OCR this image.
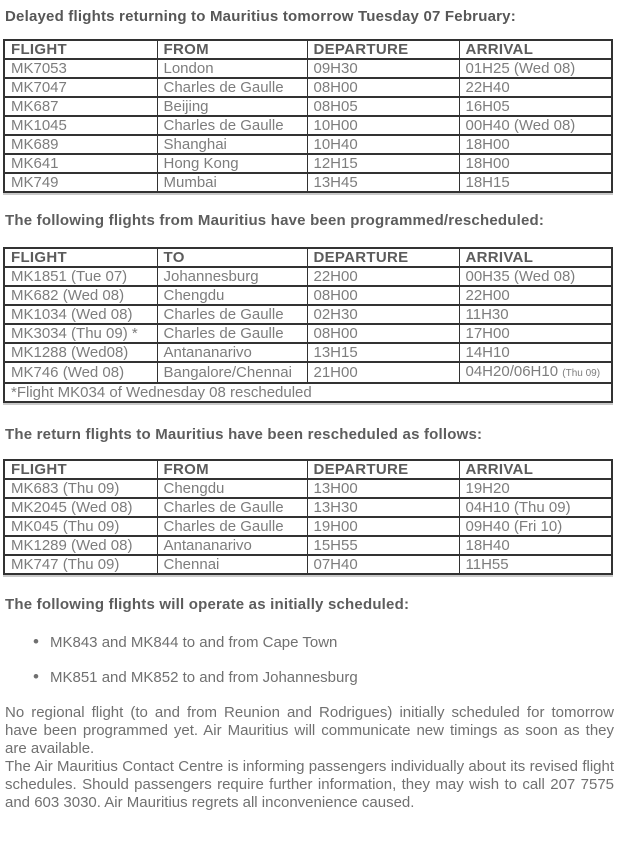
Delayed flights returning to Mauritius tomorrow Tuesday 07 February:
FLIGHT	FROM	DEPARTURE	ARRIVAL
MK7053	London	09H30	01H25 (Wed 08)
MK7047	Charles de Gaulle	08H00	22H40
MK687	Beijing	08H05	16H05
MK1045	Charles de Gaulle	10H00	00H40 (Wed 08)
MK689	Shanghai	10H40	18H00
MK641	Hong Kong	12H15	18H00
MK749	Mumbai	13H45	18H15
The following flights from Mauritius have been programmed/rescheduled:
FLIGHT	TO	DEPARTURE	ARRIVAL
MK1851 (Tue 07)	Johannesburg	22H00	00H35 (Wed 08)
MK682 (Wed 08)	Chengdu	08H00	22H00
MK1034 (Wed 08)	Charles de Gaulle	02H30	11H30
MK3034 (Thu 09) *	Charles de Gaulle	08H00	17H00
MK1288 (Wed08)	Antananarivo	13H15	14H10
MK746 (Wed 08)	Bangalore/Chennai	21H00	04H20/06H10 (Thu 09)
*Flight MK034 of Wednesday 08 rescheduled			
The return flights to Mauritius have been rescheduled as follows:
FLIGHT	FROM	DEPARTURE	ARRIVAL
MK683 (Thu 09)	Chengdu	13H00	19H20
MK2045 (Wed 08)	Charles de Gaulle	13H30	04H10 (Thu 09)
MK045 (Thu 09)	Charles de Gaulle	19H00	09H40 (Fri 10)
MK1289 (Wed 08)	Antananarivo	15H55	18H40
MK747 (Thu 09)	Chennai	07H40	11H55
The following flights will operate as initially scheduled:
• MK843 and MK844 to and from Cape Town
• MK851 and MK852 to and from Johannesburg

No regional flight (to and from Reunion and Rodrigues) initially scheduled for tomorrow have been programmed yet. Air Mauritius will communicate new timings as soon as they are available.

The Air Mauritius Contact Centre is informing passengers individually about its revised flight schedules. Should passengers require further information, they may wish to call 207 7575 and 603 3030. Air Mauritius regrets all inconvenience caused.
